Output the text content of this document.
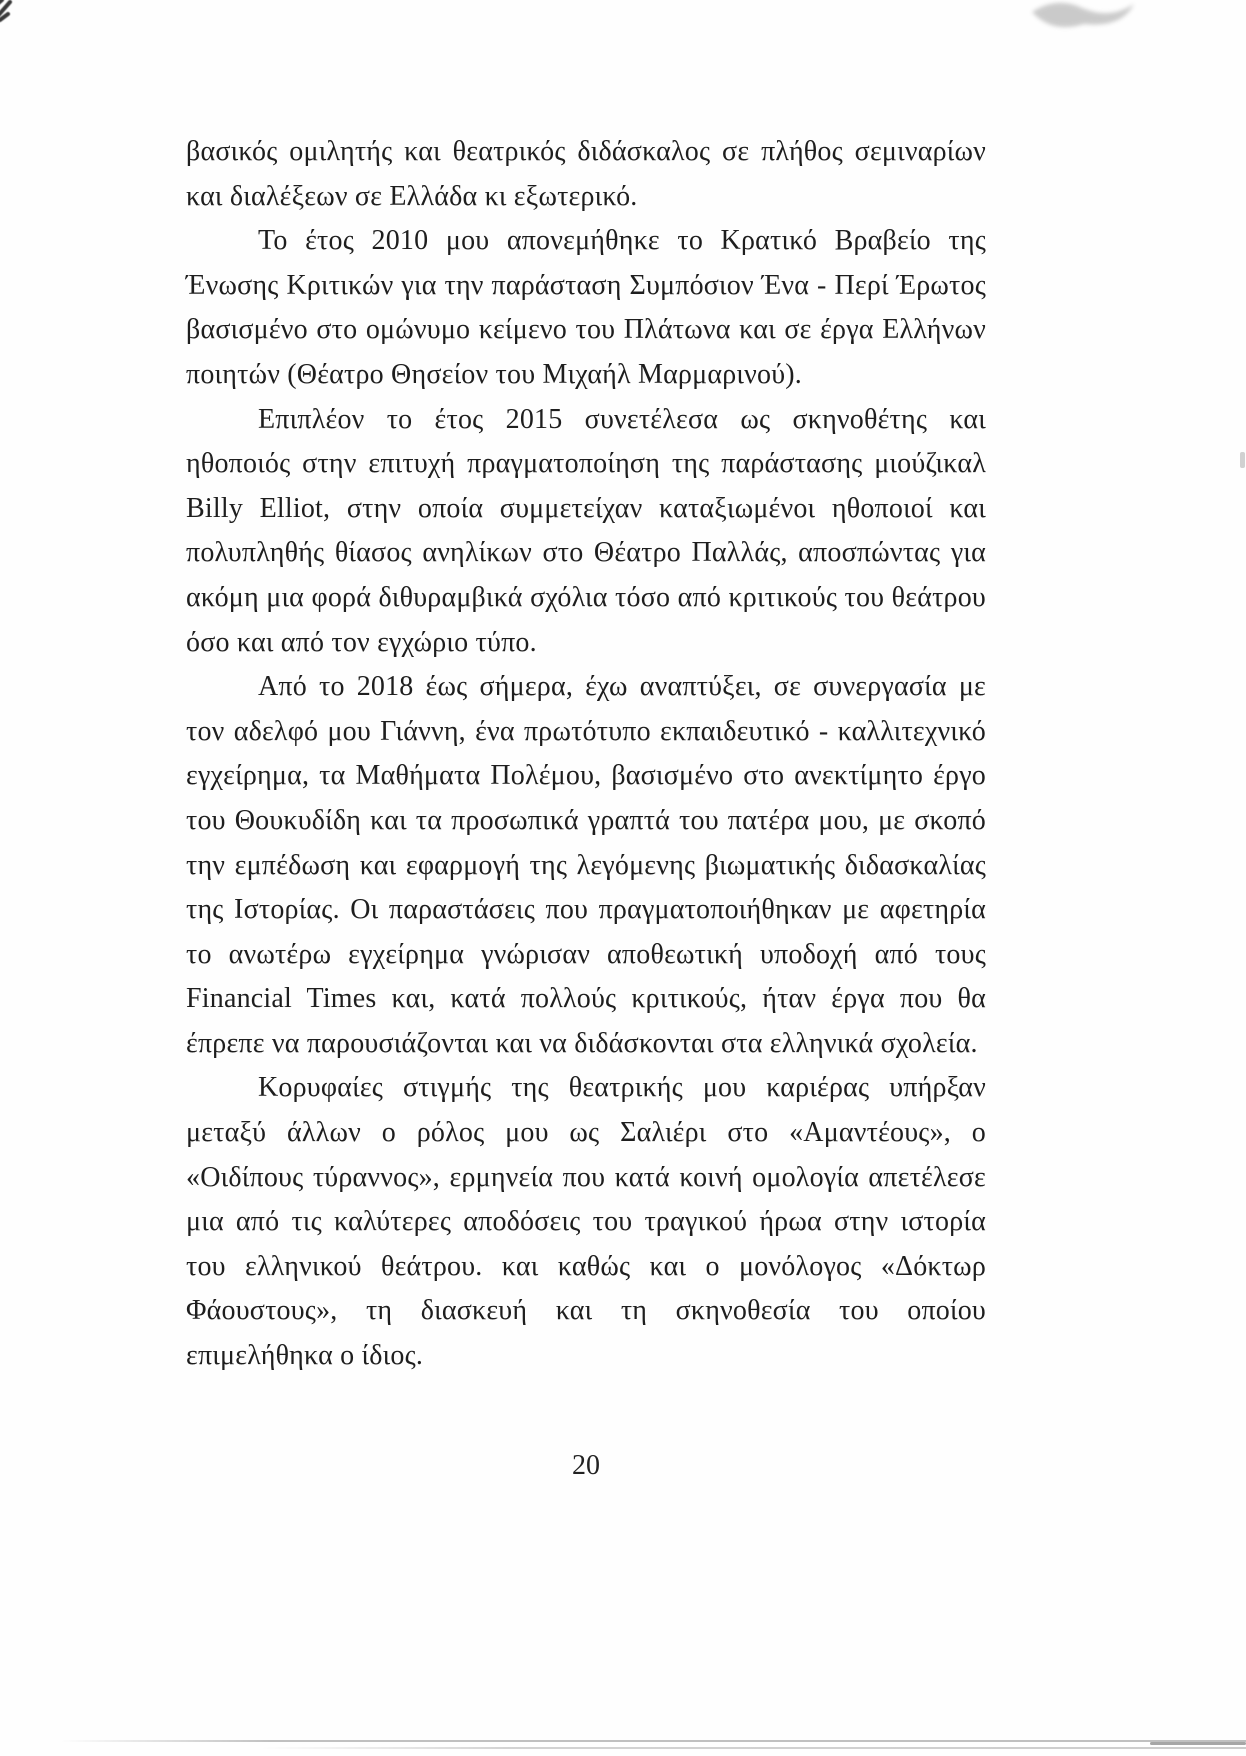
βασικός ομιλητής και θεατρικός διδάσκαλος σε πλήθος σεμιναρίων και διαλέξεων σε Ελλάδα κι εξωτερικό.

Το έτος 2010 μου απονεμήθηκε το Κρατικό Βραβείο της Ένωσης Κριτικών για την παράσταση Συμπόσιον Ένα - Περί Έρωτος βασισμένο στο ομώνυμο κείμενο του Πλάτωνα και σε έργα Ελλήνων ποιητών (Θέατρο Θησείον του Μιχαήλ Μαρμαρινού).

Επιπλέον το έτος 2015 συνετέλεσα ως σκηνοθέτης και ηθοποιός στην επιτυχή πραγματοποίηση της παράστασης μιούζικαλ Billy Elliot, στην οποία συμμετείχαν καταξιωμένοι ηθοποιοί και πολυπληθής θίασος ανηλίκων στο Θέατρο Παλλάς, αποσπώντας για ακόμη μια φορά διθυραμβικά σχόλια τόσο από κριτικούς του θεάτρου όσο και από τον εγχώριο τύπο.

Από το 2018 έως σήμερα, έχω αναπτύξει, σε συνεργασία με τον αδελφό μου Γιάννη, ένα πρωτότυπο εκπαιδευτικό - καλλιτεχνικό εγχείρημα, τα Μαθήματα Πολέμου, βασισμένο στο ανεκτίμητο έργο του Θουκυδίδη και τα προσωπικά γραπτά του πατέρα μου, με σκοπό την εμπέδωση και εφαρμογή της λεγόμενης βιωματικής διδασκαλίας της Ιστορίας. Οι παραστάσεις που πραγματοποιήθηκαν με αφετηρία το ανωτέρω εγχείρημα γνώρισαν αποθεωτική υποδοχή από τους Financial Times και, κατά πολλούς κριτικούς, ήταν έργα που θα έπρεπε να παρουσιάζονται και να διδάσκονται στα ελληνικά σχολεία.

Κορυφαίες στιγμής της θεατρικής μου καριέρας υπήρξαν μεταξύ άλλων ο ρόλος μου ως Σαλιέρι στο «Αμαντέους», ο «Οιδίπους τύραννος», ερμηνεία που κατά κοινή ομολογία απετέλεσε μια από τις καλύτερες αποδόσεις του τραγικού ήρωα στην ιστορία του ελληνικού θεάτρου. και καθώς και ο μονόλογος «Δόκτωρ Φάουστους», τη διασκευή και τη σκηνοθεσία του οποίου επιμελήθηκα ο ίδιος.

20
